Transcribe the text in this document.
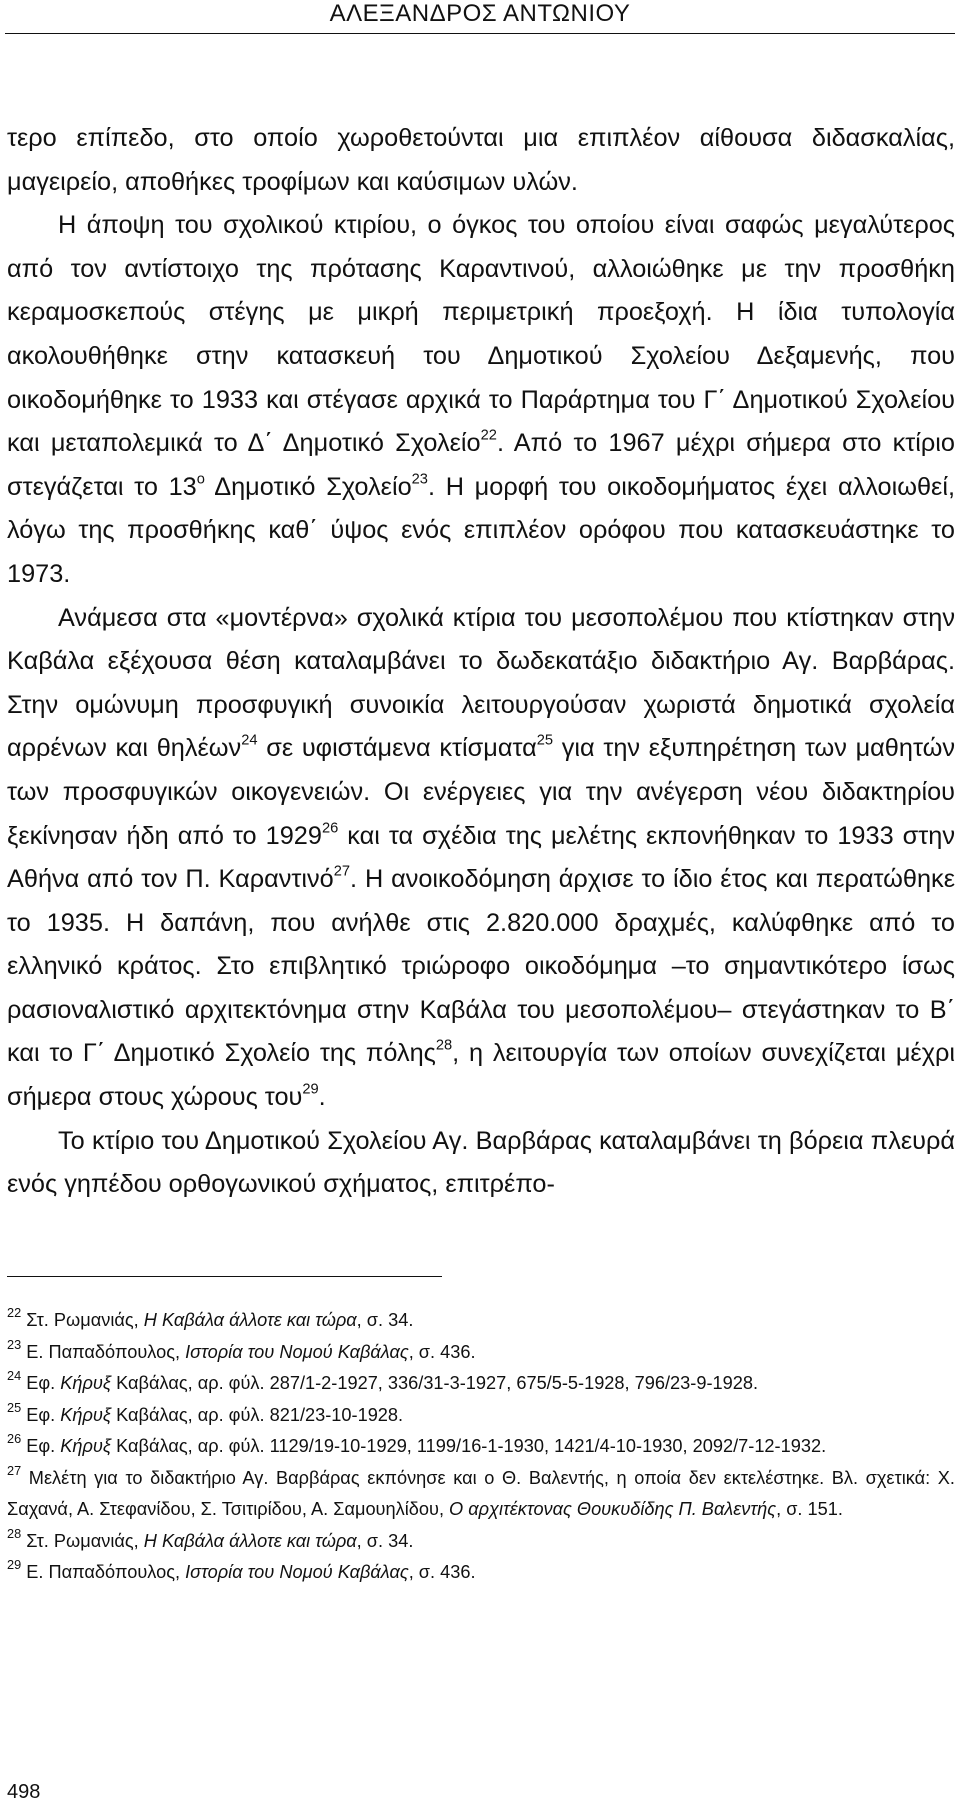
ΑΛΕΞΑΝΔΡΟΣ ΑΝΤΩΝΙΟΥ

τερο επίπεδο, στο οποίο χωροθετούνται μια επιπλέον αίθουσα διδασκαλίας, μαγειρείο, αποθήκες τροφίμων και καύσιμων υλών.

Η άποψη του σχολικού κτιρίου, ο όγκος του οποίου είναι σαφώς μεγαλύτερος από τον αντίστοιχο της πρότασης Καραντινού, αλλοιώθηκε με την προσθήκη κεραμοσκεπούς στέγης με μικρή περιμετρική προεξοχή. Η ίδια τυπολογία ακολουθήθηκε στην κατασκευή του Δημοτικού Σχολείου Δεξαμενής, που οικοδομήθηκε το 1933 και στέγασε αρχικά το Παράρτημα του Γ΄ Δημοτικού Σχολείου και μεταπολεμικά το Δ΄ Δημοτικό Σχολείο$^{22}$. Από το 1967 μέχρι σήμερα στο κτίριο στεγάζεται το $13^o$ Δημοτικό Σχολείο$^{23}$. Η μορφή του οικοδομήματος έχει αλλοιωθεί, λόγω της προσθήκης καθ΄ ύψος ενός επιπλέον ορόφου που κατασκευάστηκε το 1973.

Ανάμεσα στα «μοντέρνα» σχολικά κτίρια του μεσοπολέμου που κτίστηκαν στην Καβάλα εξέχουσα θέση καταλαμβάνει το δωδεκατάξιο διδακτήριο Αγ. Βαρβάρας. Στην ομώνυμη προσφυγική συνοικία λειτουργούσαν χωριστά δημοτικά σχολεία αρρένων και θηλέων$^{24}$ σε υφιστάμενα κτίσματα$^{25}$ για την εξυπηρέτηση των μαθητών των προσφυγικών οικογενειών. Οι ενέργειες για την ανέγερση νέου διδακτηρίου ξεκίνησαν ήδη από το 1929$^{26}$ και τα σχέδια της μελέτης εκπονήθηκαν το 1933 στην Αθήνα από τον Π. Καραντινό$^{27}$. Η ανοικοδόμηση άρχισε το ίδιο έτος και περατώθηκε το 1935. Η δαπάνη, που ανήλθε στις 2.820.000 δραχμές, καλύφθηκε από το ελληνικό κράτος. Στο επιβλητικό τριώροφο οικοδόμημα –το σημαντικότερο ίσως ρασιοναλιστικό αρχιτεκτόνημα στην Καβάλα του μεσοπολέμου– στεγάστηκαν το Β΄ και το Γ΄ Δημοτικό Σχολείο της πόλης$^{28}$, η λειτουργία των οποίων συνεχίζεται μέχρι σήμερα στους χώρους του$^{29}$.

Το κτίριο του Δημοτικού Σχολείου Αγ. Βαρβάρας καταλαμβάνει τη βόρεια πλευρά ενός γηπέδου ορθογωνικού σχήματος, επιτρέπο-

$^{22}$ Στ. Ρωμανιάς, Η Καβάλα άλλοτε και τώρα, σ. 34.

$^{23}$ Ε. Παπαδόπουλος, Ιστορία του Νομού Καβάλας, σ. 436.

$^{24}$ Εφ. Κήρυξ Καβάλας, αρ. φύλ. 287/1-2-1927, 336/31-3-1927, 675/5-5-1928, 796/23-9-1928.

$^{25}$ Εφ. Κήρυξ Καβάλας, αρ. φύλ. 821/23-10-1928.

$^{26}$ Εφ. Κήρυξ Καβάλας, αρ. φύλ. 1129/19-10-1929, 1199/16-1-1930, 1421/4-10-1930, 2092/7-12-1932.

$^{27}$ Μελέτη για το διδακτήριο Αγ. Βαρβάρας εκπόνησε και ο Θ. Βαλεντής, η οποία δεν εκτελέστηκε. Βλ. σχετικά: Χ. Σαχανά, Α. Στεφανίδου, Σ. Τσιτιρίδου, Α. Σαμουηλίδου, Ο αρχιτέκτονας Θουκυδίδης Π. Βαλεντής, σ. 151.

$^{28}$ Στ. Ρωμανιάς, Η Καβάλα άλλοτε και τώρα, σ. 34.

$^{29}$ Ε. Παπαδόπουλος, Ιστορία του Νομού Καβάλας, σ. 436.

498
